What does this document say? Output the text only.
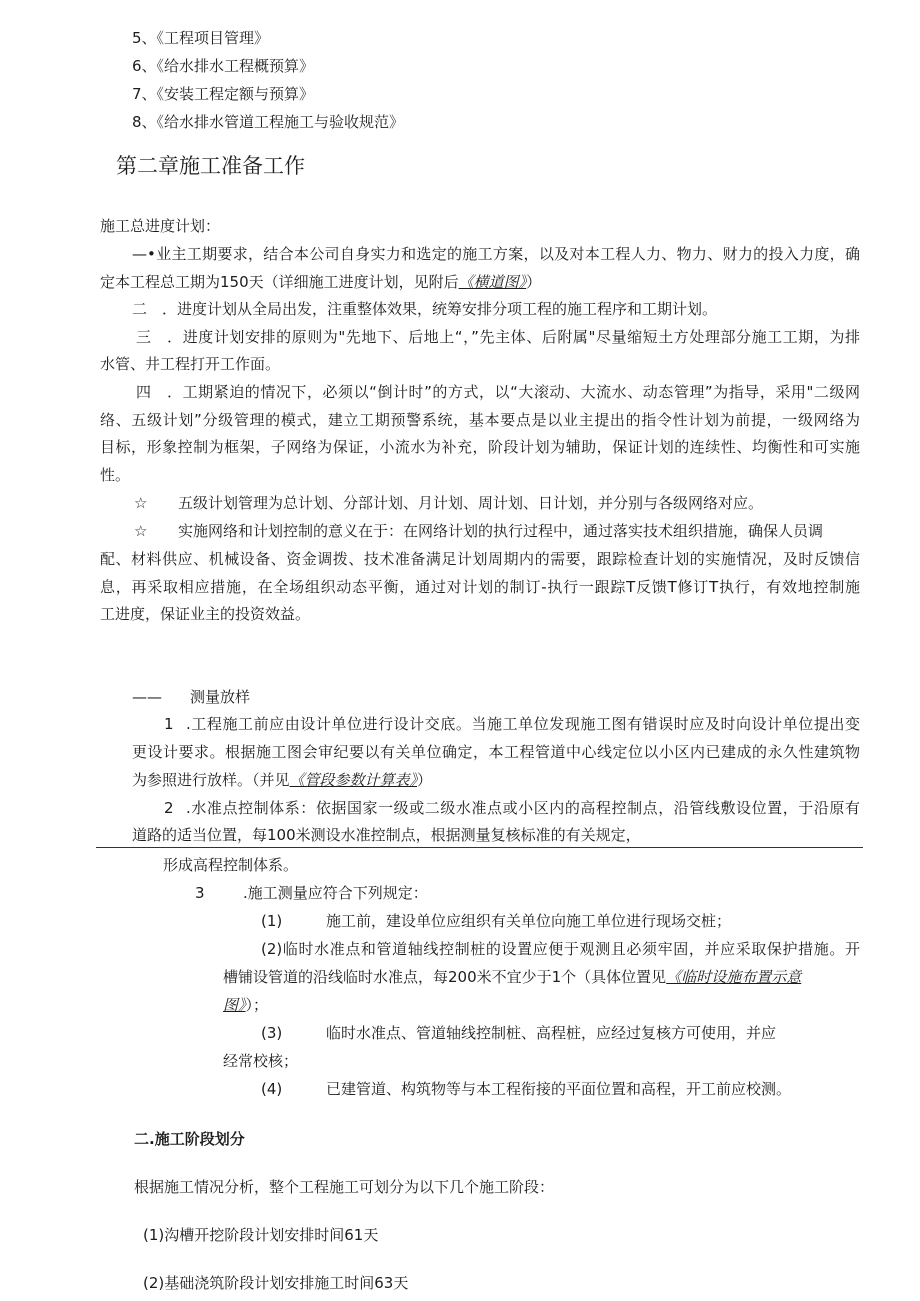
5、《工程项目管理》
6、《给水排水工程概预算》
7、《安装工程定额与预算》
8、《给水排水管道工程施工与验收规范》
第二章施工准备工作
施工总进度计划：
—•业主工期要求，结合本公司自身实力和选定的施工方案，以及对本工程人力、物力、财力的投入力度，确
定本工程总工期为150天（详细施工进度计划，见附后《横道图》）
二　．进度计划从全局出发，注重整体效果，统筹安排分项工程的施工程序和工期计划。
三　．进度计划安排的原则为"先地下、后地上“，”先主体、后附属"尽量缩短土方处理部分施工工期，为排
水管、井工程打开工作面。
四　．工期紧迫的情况下，必须以“倒计时”的方式，以“大滚动、大流水、动态管理”为指导，采用"二级网
络、五级计划”分级管理的模式，建立工期预警系统，基本要点是以业主提出的指令性计划为前提，一级网络为
目标，形象控制为框架，子网络为保证，小流水为补充，阶段计划为辅助，保证计划的连续性、均衡性和可实施
性。
☆ 五级计划管理为总计划、分部计划、月计划、周计划、日计划，并分别与各级网络对应。
☆ 实施网络和计划控制的意义在于：在网络计划的执行过程中，通过落实技术组织措施，确保人员调
配、材料供应、机械设备、资金调拨、技术准备满足计划周期内的需要，跟踪检查计划的实施情况，及时反馈信
息，再采取相应措施，在全场组织动态平衡，通过对计划的制订-执行一跟踪T反馈T修订T执行，有效地控制施
工进度，保证业主的投资效益。
—— 测量放样
1 .工程施工前应由设计单位进行设计交底。当施工单位发现施工图有错误时应及时向设计单位提出变
更设计要求。根据施工图会审纪要以有关单位确定，本工程管道中心线定位以小区内已建成的永久性建筑物
为参照进行放样。（并见《管段参数计算表》）
2 .水准点控制体系：依据国家一级或二级水准点或小区内的高程控制点，沿管线敷设位置，于沿原有
道路的适当位置，每100米测设水准控制点，根据测量复核标准的有关规定，
形成高程控制体系。
3	.施工测量应符合下列规定：
(1)	施工前，建设单位应组织有关单位向施工单位进行现场交桩；
(2)临时水准点和管道轴线控制桩的设置应便于观测且必须牢固，并应采取保护措施。开
槽铺设管道的沿线临时水准点，每200米不宜少于1个（具体位置见《临时设施布置示意
图》）；
(3)	临时水准点、管道轴线控制桩、高程桩，应经过复核方可使用，并应
经常校核；
(4)	已建管道、构筑物等与本工程衔接的平面位置和高程，开工前应校测。
二.施工阶段划分
根据施工情况分析，整个工程施工可划分为以下几个施工阶段：
(1)沟槽开挖阶段计划安排时间61天
(2)基础浇筑阶段计划安排施工时间63天
